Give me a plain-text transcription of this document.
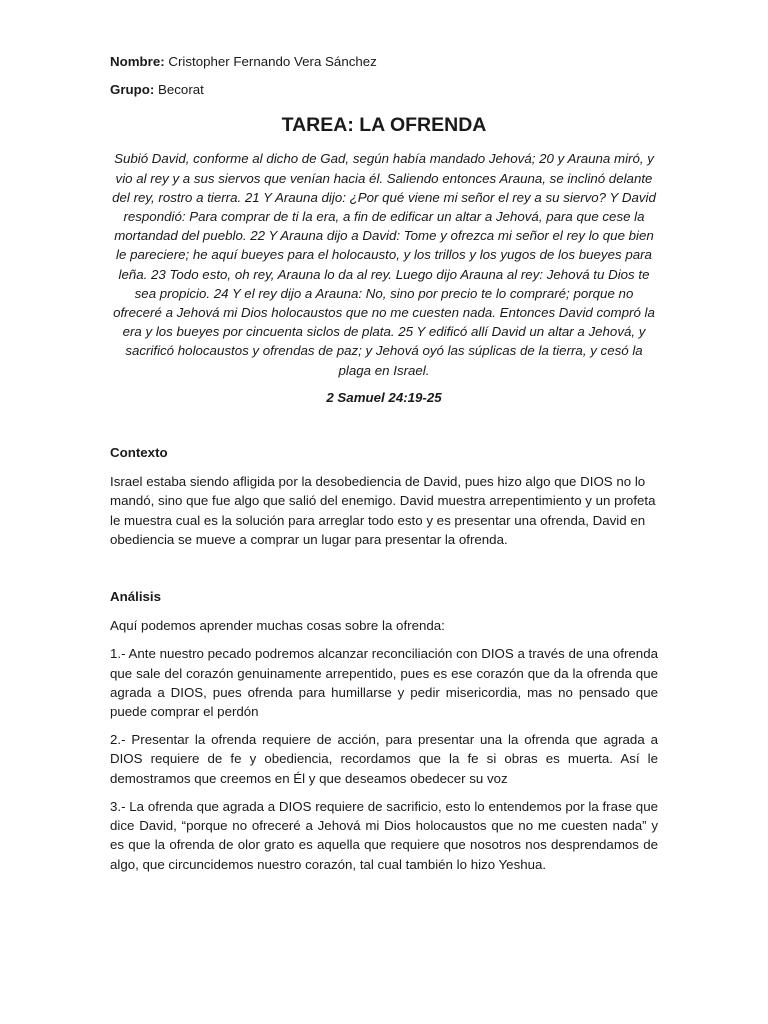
Nombre: Cristopher Fernando Vera Sánchez

Grupo: Becorat

TAREA: LA OFRENDA

Subió David, conforme al dicho de Gad, según había mandado Jehová; 20 y Arauna miró, y vio al rey y a sus siervos que venían hacia él. Saliendo entonces Arauna, se inclinó delante del rey, rostro a tierra. 21 Y Arauna dijo: ¿Por qué viene mi señor el rey a su siervo? Y David respondió: Para comprar de ti la era, a fin de edificar un altar a Jehová, para que cese la mortandad del pueblo. 22 Y Arauna dijo a David: Tome y ofrezca mi señor el rey lo que bien le pareciere; he aquí bueyes para el holocausto, y los trillos y los yugos de los bueyes para leña. 23 Todo esto, oh rey, Arauna lo da al rey. Luego dijo Arauna al rey: Jehová tu Dios te sea propicio. 24 Y el rey dijo a Arauna: No, sino por precio te lo compraré; porque no ofreceré a Jehová mi Dios holocaustos que no me cuesten nada. Entonces David compró la era y los bueyes por cincuenta siclos de plata. 25 Y edificó allí David un altar a Jehová, y sacrificó holocaustos y ofrendas de paz; y Jehová oyó las súplicas de la tierra, y cesó la plaga en Israel.

2 Samuel 24:19-25

Contexto

Israel estaba siendo afligida por la desobediencia de David, pues hizo algo que DIOS no lo mandó, sino que fue algo que salió del enemigo. David muestra arrepentimiento y un profeta le muestra cual es la solución para arreglar todo esto y es presentar una ofrenda, David en obediencia se mueve a comprar un lugar para presentar la ofrenda.

Análisis

Aquí podemos aprender muchas cosas sobre la ofrenda:

1.- Ante nuestro pecado podremos alcanzar reconciliación con DIOS a través de una ofrenda que sale del corazón genuinamente arrepentido, pues es ese corazón que da la ofrenda que agrada a DIOS, pues ofrenda para humillarse y pedir misericordia, mas no pensado que puede comprar el perdón

2.- Presentar la ofrenda requiere de acción, para presentar una la ofrenda que agrada a DIOS requiere de fe y obediencia, recordamos que la fe si obras es muerta. Así le demostramos que creemos en Él y que deseamos obedecer su voz

3.- La ofrenda que agrada a DIOS requiere de sacrificio, esto lo entendemos por la frase que dice David, “porque no ofreceré a Jehová mi Dios holocaustos que no me cuesten nada” y es que la ofrenda de olor grato es aquella que requiere que nosotros nos desprendamos de algo, que circuncidemos nuestro corazón, tal cual también lo hizo Yeshua.
